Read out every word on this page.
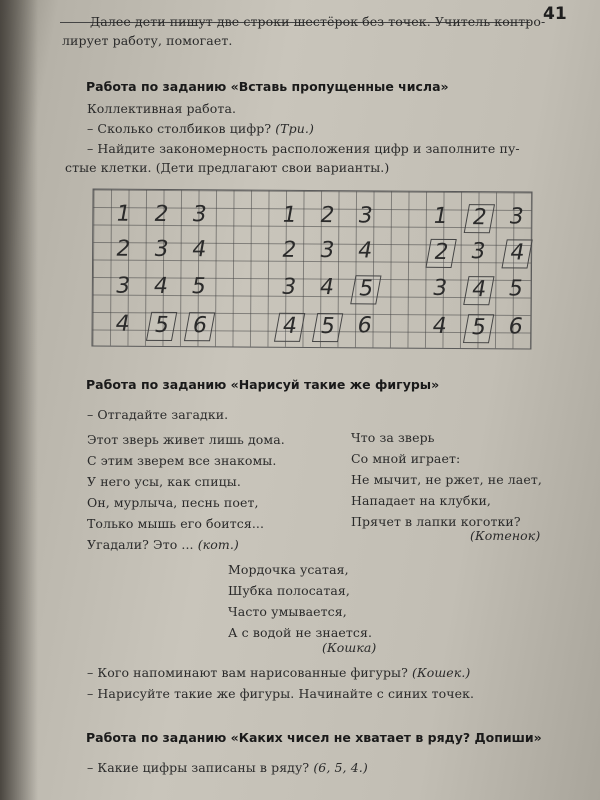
41
Далее дети пишут две строки шестёрок без точек. Учитель контро-
лирует работу, помогает.
Работа по заданию «Вставь пропущенные числа»
Коллективная работа.
– Сколько столбиков цифр? (Три.)
– Найдите закономерность расположения цифр и заполните пу-
стые клетки. (Дети предлагают свои варианты.)
1 2 3
2 3 4
3 4 5
4 5 6
1 2 3
2 3 4
3 4 5
4 5 6
1 2 3
2 3 4
3 4 5
4 5 6
Работа по заданию «Нарисуй такие же фигуры»
– Отгадайте загадки.
Этот зверь живет лишь дома.
С этим зверем все знакомы.
У него усы, как спицы.
Он, мурлыча, песнь поет,
Только мышь его боится...
Угадали? Это ... (кот.)
Что за зверь
Со мной играет:
Не мычит, не ржет, не лает,
Нападает на клубки,
Прячет в лапки коготки?
(Котенок)
Мордочка усатая,
Шубка полосатая,
Часто умывается,
А с водой не знается.
(Кошка)
– Кого напоминают вам нарисованные фигуры? (Кошек.)
– Нарисуйте такие же фигуры. Начинайте с синих точек.
Работа по заданию «Каких чисел не хватает в ряду? Допиши»
– Какие цифры записаны в ряду? (6, 5, 4.)
